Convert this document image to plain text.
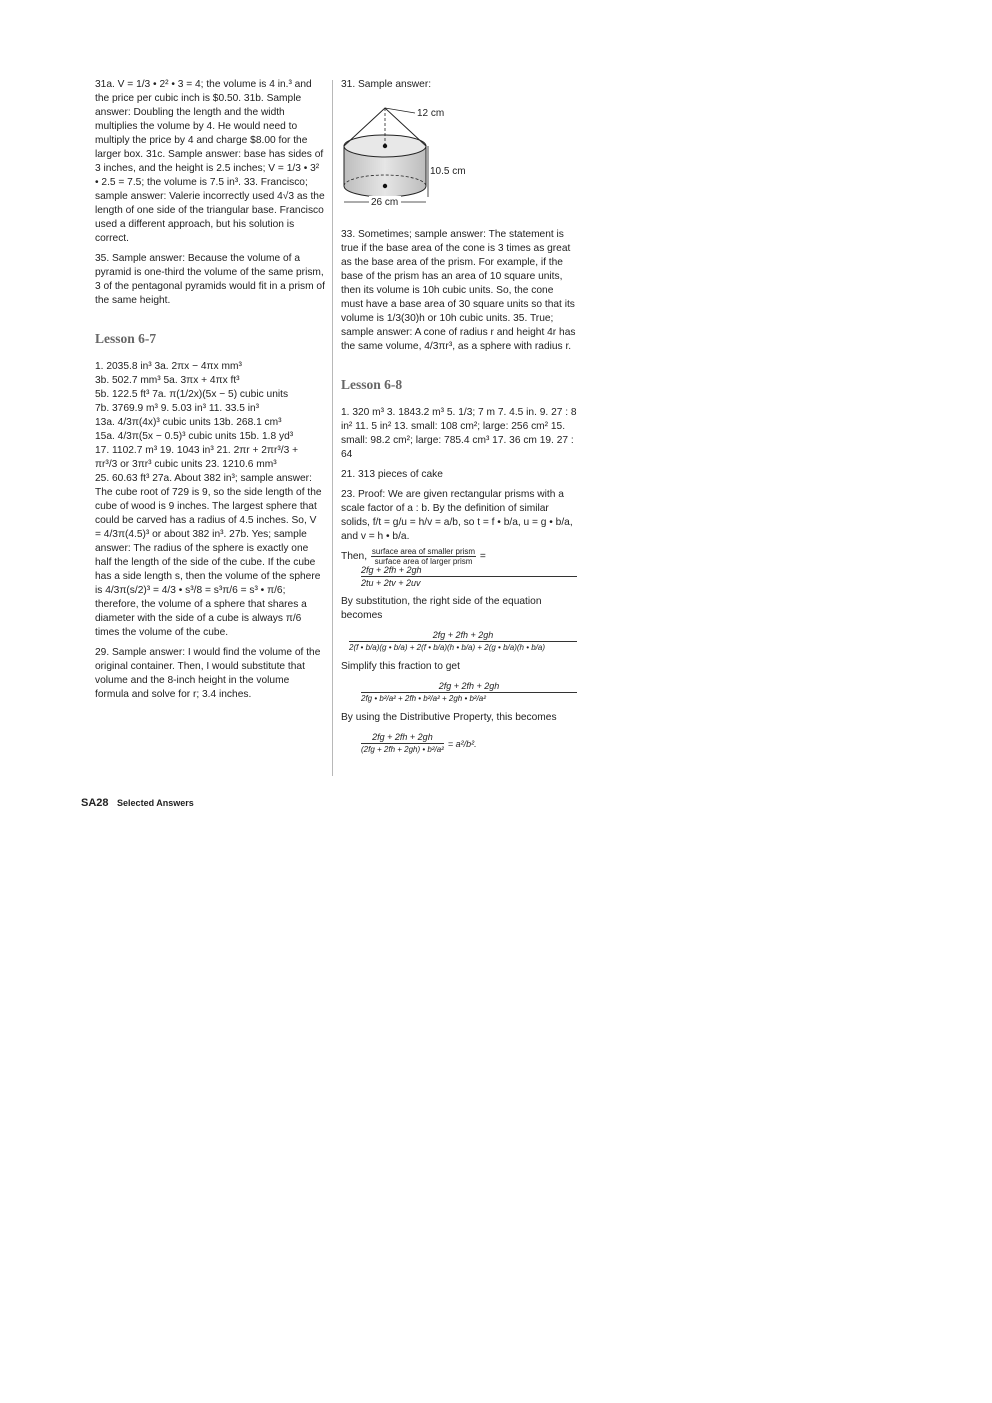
31a. V = 1/3 • 2² • 3 = 4; the volume is 4 in.³ and the price per cubic inch is $0.50. 31b. Sample answer: Doubling the length and the width multiplies the volume by 4. He would need to multiply the price by 4 and charge $8.00 for the larger box. 31c. Sample answer: base has sides of 3 inches, and the height is 2.5 inches; V = 1/3 • 3² • 2.5 = 7.5; the volume is 7.5 in³. 33. Francisco; sample answer: Valerie incorrectly used 4√3 as the length of one side of the triangular base. Francisco used a different approach, but his solution is correct.

35. Sample answer: Because the volume of a pyramid is one-third the volume of the same prism, 3 of the pentagonal pyramids would fit in a prism of the same height.

Lesson 6-7
1. 2035.8 in³ 3a. 2πx − 4πx mm³
3b. 502.7 mm³ 5a. 3πx + 4πx ft³
5b. 122.5 ft³ 7a. π(1/2x)(5x − 5) cubic units
7b. 3769.9 m³ 9. 5.03 in³ 11. 33.5 in³
13a. 4/3π(4x)³ cubic units 13b. 268.1 cm³
15a. 4/3π(5x − 0.5)³ cubic units 15b. 1.8 yd³
17. 1102.7 m³ 19. 1043 in³ 21. 2πr + 2πr³/3 +
πr³/3 or 3πr³ cubic units 23. 1210.6 mm³

25. 60.63 ft³ 27a. About 382 in³; sample answer: The cube root of 729 is 9, so the side length of the cube of wood is 9 inches. The largest sphere that could be carved has a radius of 4.5 inches. So, V = 4/3π(4.5)³ or about 382 in³. 27b. Yes; sample answer: The radius of the sphere is exactly one half the length of the side of the cube. If the cube has a side length s, then the volume of the sphere is 4/3π(s/2)³ = 4/3 • s³/8 = s³π/6 = s³ • π/6; therefore, the volume of a sphere that shares a diameter with the side of a cube is always π/6 times the volume of the cube.

29. Sample answer: I would find the volume of the original container. Then, I would substitute that volume and the 8-inch height in the volume formula and solve for r; 3.4 inches.

31. Sample answer:

12 cm
10.5 cm
26 cm

33. Sometimes; sample answer: The statement is true if the base area of the cone is 3 times as great as the base area of the prism. For example, if the base of the prism has an area of 10 square units, then its volume is 10h cubic units. So, the cone must have a base area of 30 square units so that its volume is 1/3(30)h or 10h cubic units. 35. True; sample answer: A cone of radius r and height 4r has the same volume, 4/3πr³, as a sphere with radius r.

Lesson 6-8

1. 320 m³ 3. 1843.2 m³ 5. 1/3; 7 m 7. 4.5 in. 9. 27 : 8 in² 11. 5 in² 13. small: 108 cm²; large: 256 cm² 15. small: 98.2 cm²; large: 785.4 cm³ 17. 36 cm 19. 27 : 64

21. 313 pieces of cake

23. Proof: We are given rectangular prisms with a scale factor of a : b. By the definition of similar solids, f/t = g/u = h/v = a/b, so t = f • b/a, u = g • b/a, and v = h • b/a.

Then, $\frac{\text{surface area of smaller prism}}{\text{surface area of larger prism}}$ =
2fg + 2fh + 2gh
2tu + 2tv + 2uv

By substitution, the right side of the equation becomes

2fg + 2fh + 2gh
2(f • b/a)(g • b/a) + 2(f • b/a)(h • b/a) + 2(g • b/a)(h • b/a)

Simplify this fraction to get

2fg + 2fh + 2gh
2fg • b²/a² + 2fh • b²/a² + 2gh • b²/a²

By using the Distributive Property, this becomes

$\frac{2fg + 2fh + 2gh}{\text{(2fg + 2fh + 2gh) • b²/a²}} = a^2/b^2$.
SA28 Selected Answers
